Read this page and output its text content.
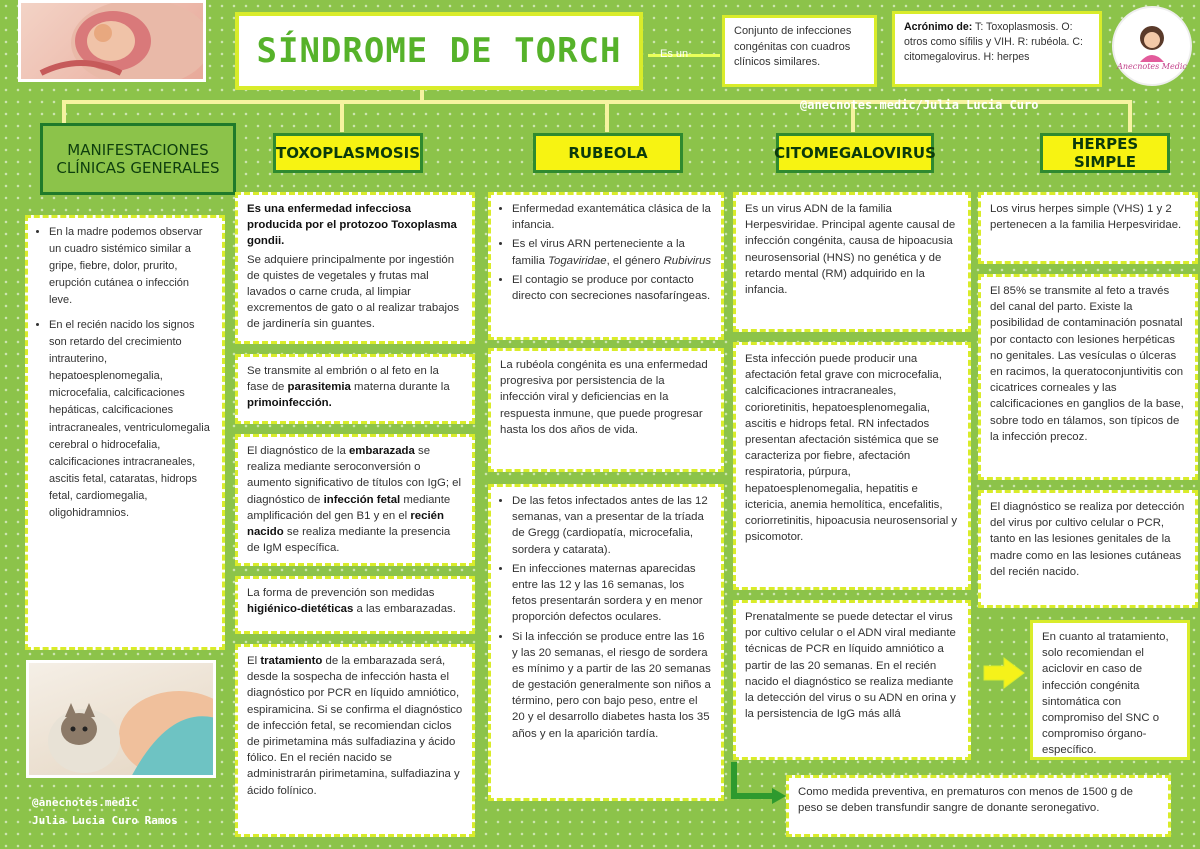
SÍNDROME DE TORCH	Es un

Conjunto de infecciones congénitas con cuadros clínicos similares.

Acrónimo de: T: Toxoplasmosis. O: otros como sífilis y VIH. R: rubéola. C: citomegalovirus. H: herpes

Anecnotes Medic
@anecnotes.medic/Julia Lucia Curo
MANIFESTACIONES CLÍNICAS GENERALES
TOXOPLASMOSIS	RUBEOLA	CITOMEGALOVIRUS	HERPES SIMPLE
• En la madre podemos observar un cuadro sistémico similar a gripe, fiebre, dolor, prurito, erupción cutánea o infección leve.
• En el recién nacido los signos son retardo del crecimiento intrauterino, hepatoesplenomegalia, microcefalia, calcificaciones hepáticas, calcificaciones intracraneales, ventriculomegalia cerebral o hidrocefalia, calcificaciones intracraneales, ascitis fetal, cataratas, hidrops fetal, cardiomegalia, oligohidramnios.
@anecnotes.medic
Julia Lucia Curo Ramos

Es una enfermedad infecciosa producida por el protozoo Toxoplasma gondii.

Se adquiere principalmente por ingestión de quistes de vegetales y frutas mal lavados o carne cruda, al limpiar excrementos de gato o al realizar trabajos de jardinería sin guantes.

Se transmite al embrión o al feto en la fase de parasitemia materna durante la primoinfección.

El diagnóstico de la embarazada se realiza mediante seroconversión o aumento significativo de títulos con IgG; el diagnóstico de infección fetal mediante amplificación del gen B1 y en el recién nacido se realiza mediante la presencia de IgM específica.

La forma de prevención son medidas higiénico-dietéticas a las embarazadas.

El tratamiento de la embarazada será, desde la sospecha de infección hasta el diagnóstico por PCR en líquido amniótico, espiramicina. Si se confirma el diagnóstico de infección fetal, se recomiendan ciclos de pirimetamina más sulfadiazina y ácido fólico. En el recién nacido se administrarán pirimetamina, sulfadiazina y ácido folínico.

• Enfermedad exantemática clásica de la infancia.
• Es el virus ARN perteneciente a la familia Togaviridae, el género Rubivirus
• El contagio se produce por contacto directo con secreciones nasofaríngeas.

La rubéola congénita es una enfermedad progresiva por persistencia de la infección viral y deficiencias en la respuesta inmune, que puede progresar hasta los dos años de vida.

• De las fetos infectados antes de las 12 semanas, van a presentar de la tríada de Gregg (cardiopatía, microcefalia, sordera y catarata).
• En infecciones maternas aparecidas entre las 12 y las 16 semanas, los fetos presentarán sordera y en menor proporción defectos oculares.
• Si la infección se produce entre las 16 y las 20 semanas, el riesgo de sordera es mínimo y a partir de las 20 semanas de gestación generalmente son niños a término, pero con bajo peso, entre el 20 y el desarrollo diabetes hasta los 35 años y en la aparición tardía.

Es un virus ADN de la familia Herpesviridae. Principal agente causal de infección congénita, causa de hipoacusia neurosensorial (HNS) no genética y de retardo mental (RM) adquirido en la infancia.

Esta infección puede producir una afectación fetal grave con microcefalia, calcificaciones intracraneales, corioretinitis, hepatoesplenomegalia, ascitis e hidrops fetal. RN infectados presentan afectación sistémica que se caracteriza por fiebre, afectación respiratoria, púrpura, hepatoesplenomegalia, hepatitis e ictericia, anemia hemolítica, encefalitis, coriorretinitis, hipoacusia neurosensorial y psicomotor.

Prenatalmente se puede detectar el virus por cultivo celular o el ADN viral mediante técnicas de PCR en líquido amniótico a partir de las 20 semanas. En el recién nacido el diagnóstico se realiza mediante la detección del virus o su ADN en orina y la persistencia de IgG más allá

Como medida preventiva, en prematuros con menos de 1500 g de peso se deben transfundir sangre de donante seronegativo.

Los virus herpes simple (VHS) 1 y 2 pertenecen a la familia Herpesviridae.

El 85% se transmite al feto a través del canal del parto. Existe la posibilidad de contaminación posnatal por contacto con lesiones herpéticas no genitales. Las vesículas o úlceras en racimos, la queratoconjuntivitis con cicatrices corneales y las calcificaciones en ganglios de la base, sobre todo en tálamos, son típicos de la infección precoz.

El diagnóstico se realiza por detección del virus por cultivo celular o PCR, tanto en las lesiones genitales de la madre como en las lesiones cutáneas del recién nacido.

En cuanto al tratamiento, solo recomiendan el aciclovir en caso de infección congénita sintomática con compromiso del SNC o compromiso órgano-específico.
